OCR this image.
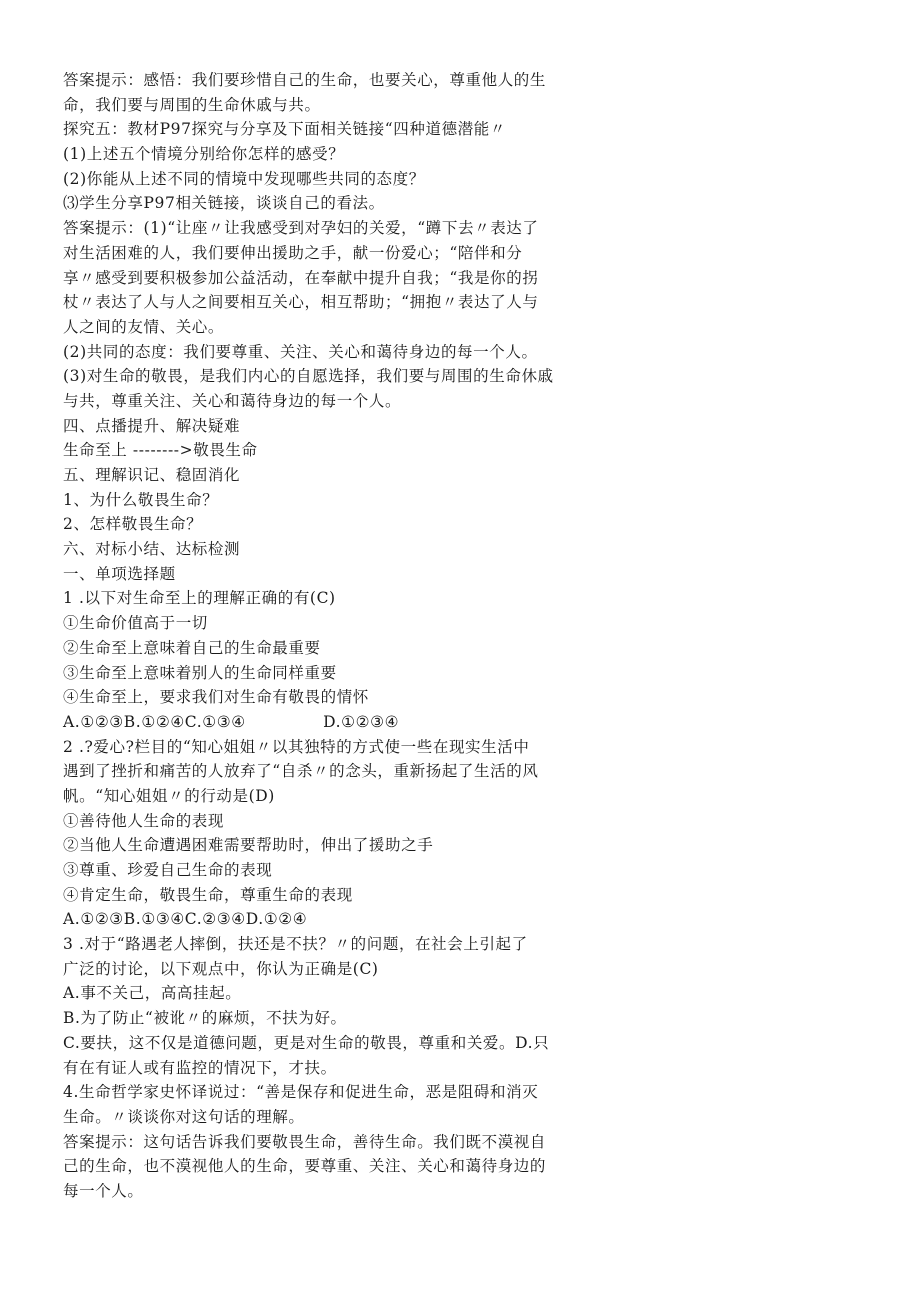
答案提示：感悟：我们要珍惜自己的生命，也要关心，尊重他人的生
命，我们要与周围的生命休戚与共。
探究五：教材P97探究与分享及下面相关链接“四种道德潜能〃
(1)上述五个情境分别给你怎样的感受？
(2)你能从上述不同的情境中发现哪些共同的态度？
⑶学生分享P97相关链接，谈谈自己的看法。
答案提示：(1)“让座〃让我感受到对孕妇的关爱，“蹲下去〃表达了
对生活困难的人，我们要伸出援助之手，献一份爱心；“陪伴和分
享〃感受到要积极参加公益活动，在奉献中提升自我；“我是你的拐
杖〃表达了人与人之间要相互关心，相互帮助；“拥抱〃表达了人与
人之间的友情、关心。
(2)共同的态度：我们要尊重、关注、关心和蔼待身边的每一个人。
(3)对生命的敬畏，是我们内心的自愿选择，我们要与周围的生命休戚
与共，尊重关注、关心和蔼待身边的每一个人。
四、点播提升、解决疑难
生命至上 -------->敬畏生命
五、理解识记、稳固消化
1、为什么敬畏生命？
2、怎样敬畏生命？
六、对标小结、达标检测
一、单项选择题
1 .以下对生命至上的理解正确的有(C)
①生命价值高于一切
②生命至上意味着自己的生命最重要
③生命至上意味着别人的生命同样重要
④生命至上，要求我们对生命有敬畏的情怀
A.①②③B.①②④C.①③④              D.①②③④
2 .?爱心?栏目的“知心姐姐〃以其独特的方式使一些在现实生活中
遇到了挫折和痛苦的人放弃了“自杀〃的念头，重新扬起了生活的风
帆。“知心姐姐〃的行动是(D)
①善待他人生命的表现
②当他人生命遭遇困难需要帮助时，伸出了援助之手
③尊重、珍爱自己生命的表现
④肯定生命，敬畏生命，尊重生命的表现
A.①②③B.①③④C.②③④D.①②④
3 .对于“路遇老人摔倒，扶还是不扶？〃的问题，在社会上引起了
广泛的讨论，以下观点中，你认为正确是(C)
A.事不关己，高高挂起。
B.为了防止“被讹〃的麻烦，不扶为好。
C.要扶，这不仅是道德问题，更是对生命的敬畏，尊重和关爱。D.只
有在有证人或有监控的情况下，才扶。
4.生命哲学家史怀译说过：“善是保存和促进生命，恶是阻碍和消灭
生命。〃谈谈你对这句话的理解。
答案提示：这句话告诉我们要敬畏生命，善待生命。我们既不漠视自
己的生命，也不漠视他人的生命，要尊重、关注、关心和蔼待身边的
每一个人。
